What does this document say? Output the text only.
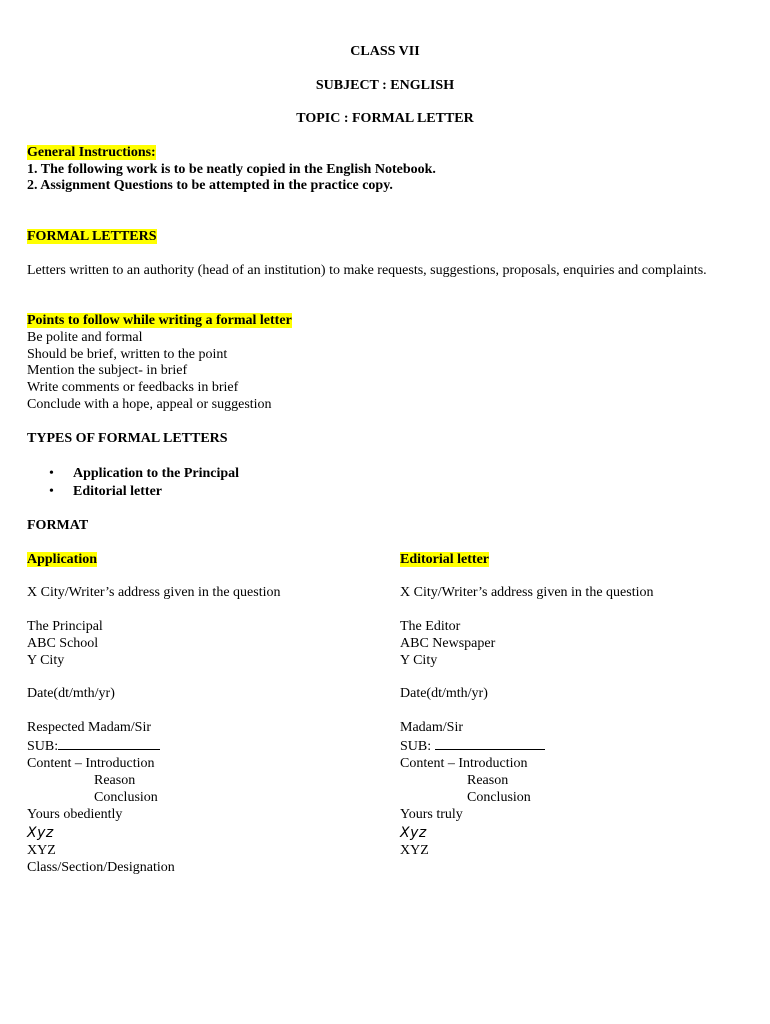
CLASS VII
SUBJECT : ENGLISH
TOPIC : FORMAL LETTER
General Instructions:
1. The following work is to be neatly copied in the English Notebook.
2. Assignment Questions to be attempted in the practice copy.
FORMAL LETTERS
Letters written to an authority (head of an institution) to make requests, suggestions, proposals, enquiries and complaints.
Points to follow while writing a formal letter
Be polite and formal
Should be brief, written to the point
Mention the subject- in brief
Write comments or feedbacks in brief
Conclude with a hope, appeal or suggestion
TYPES OF FORMAL LETTERS
• Application to the Principal
• Editorial letter
FORMAT
Application
X City/Writer’s address given in the question
The Principal
ABC School
Y City
Date(dt/mth/yr)
Respected Madam/Sir
SUB:
Content – Introduction
Reason
Conclusion
Yours obediently
Xyz
XYZ
Class/Section/Designation
Editorial letter
X City/Writer’s address given in the question
The Editor
ABC Newspaper
Y City
Date(dt/mth/yr)
Madam/Sir
SUB:
Content – Introduction
Reason
Conclusion
Yours truly
Xyz
XYZ
